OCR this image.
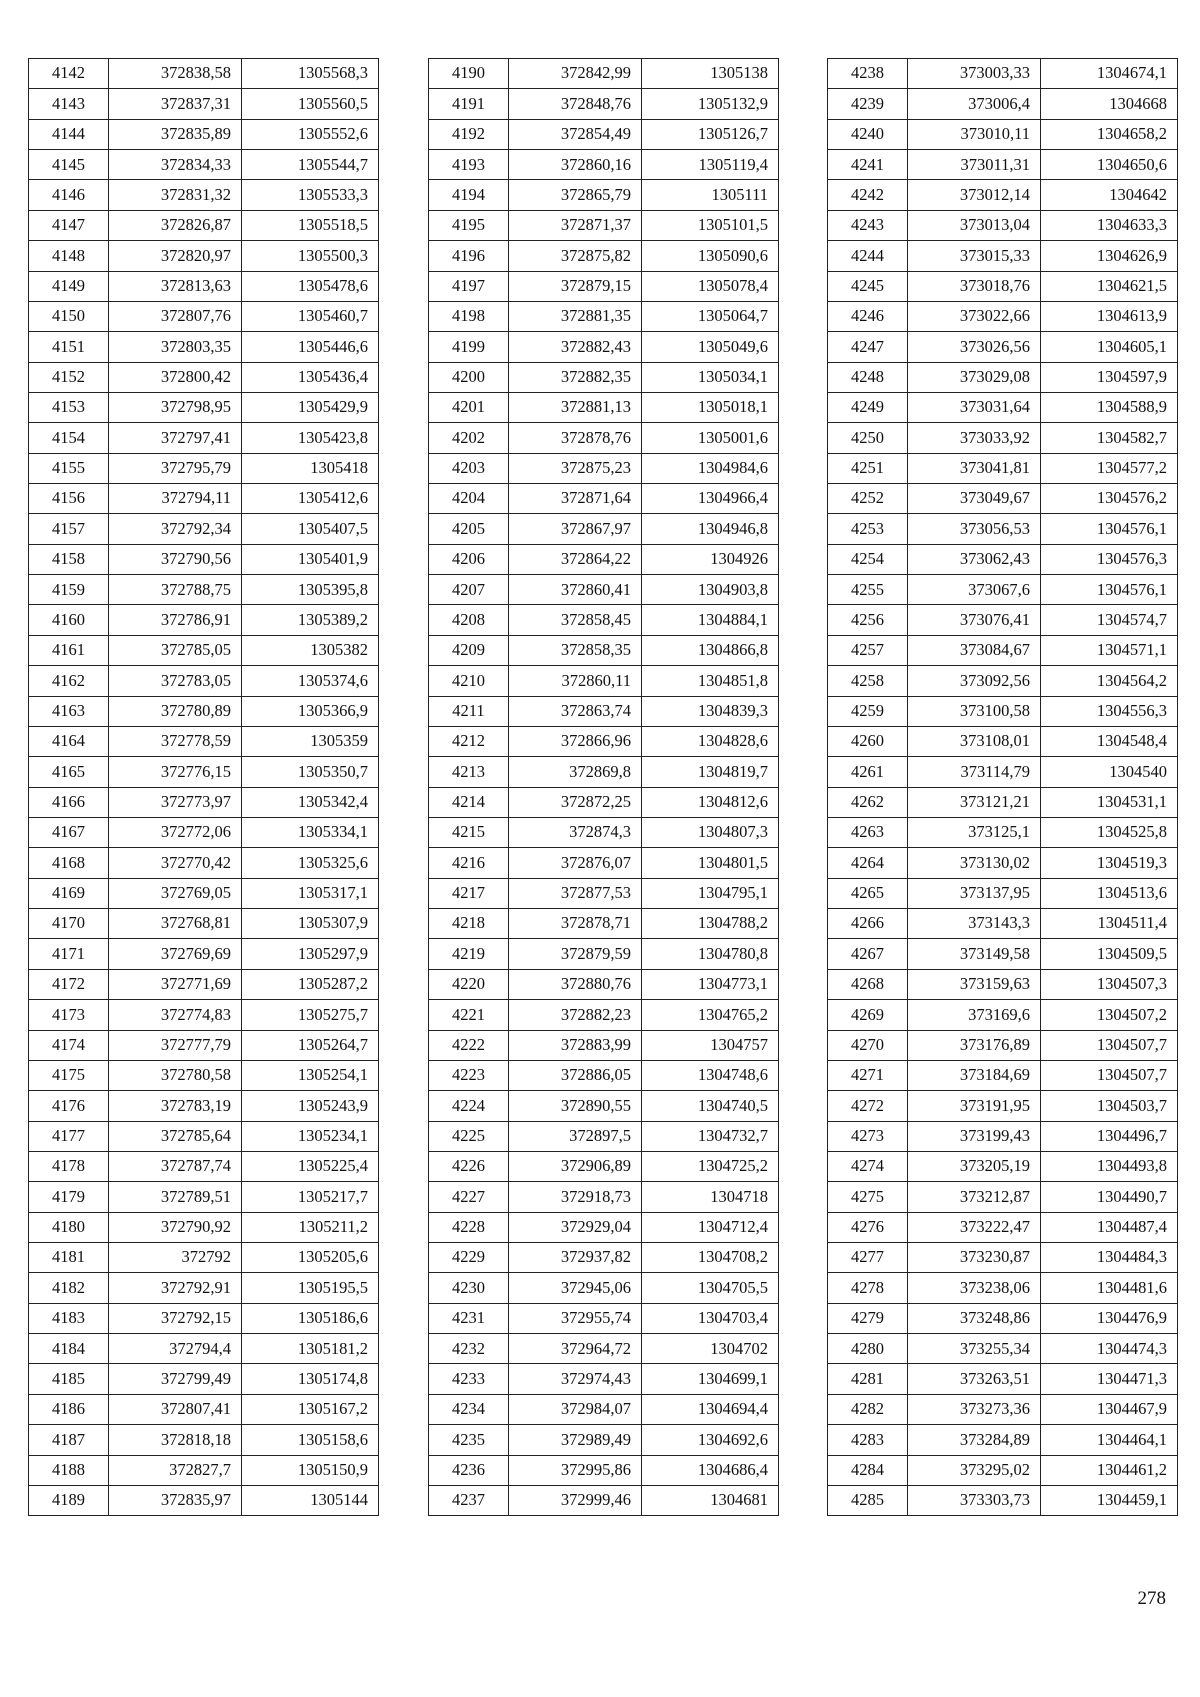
4142	372838,58	1305568,3
4143	372837,31	1305560,5
4144	372835,89	1305552,6
4145	372834,33	1305544,7
4146	372831,32	1305533,3
4147	372826,87	1305518,5
4148	372820,97	1305500,3
4149	372813,63	1305478,6
4150	372807,76	1305460,7
4151	372803,35	1305446,6
4152	372800,42	1305436,4
4153	372798,95	1305429,9
4154	372797,41	1305423,8
4155	372795,79	1305418
4156	372794,11	1305412,6
4157	372792,34	1305407,5
4158	372790,56	1305401,9
4159	372788,75	1305395,8
4160	372786,91	1305389,2
4161	372785,05	1305382
4162	372783,05	1305374,6
4163	372780,89	1305366,9
4164	372778,59	1305359
4165	372776,15	1305350,7
4166	372773,97	1305342,4
4167	372772,06	1305334,1
4168	372770,42	1305325,6
4169	372769,05	1305317,1
4170	372768,81	1305307,9
4171	372769,69	1305297,9
4172	372771,69	1305287,2
4173	372774,83	1305275,7
4174	372777,79	1305264,7
4175	372780,58	1305254,1
4176	372783,19	1305243,9
4177	372785,64	1305234,1
4178	372787,74	1305225,4
4179	372789,51	1305217,7
4180	372790,92	1305211,2
4181	372792	1305205,6
4182	372792,91	1305195,5
4183	372792,15	1305186,6
4184	372794,4	1305181,2
4185	372799,49	1305174,8
4186	372807,41	1305167,2
4187	372818,18	1305158,6
4188	372827,7	1305150,9
4189	372835,97	1305144
4190	372842,99	1305138
4191	372848,76	1305132,9
4192	372854,49	1305126,7
4193	372860,16	1305119,4
4194	372865,79	1305111
4195	372871,37	1305101,5
4196	372875,82	1305090,6
4197	372879,15	1305078,4
4198	372881,35	1305064,7
4199	372882,43	1305049,6
4200	372882,35	1305034,1
4201	372881,13	1305018,1
4202	372878,76	1305001,6
4203	372875,23	1304984,6
4204	372871,64	1304966,4
4205	372867,97	1304946,8
4206	372864,22	1304926
4207	372860,41	1304903,8
4208	372858,45	1304884,1
4209	372858,35	1304866,8
4210	372860,11	1304851,8
4211	372863,74	1304839,3
4212	372866,96	1304828,6
4213	372869,8	1304819,7
4214	372872,25	1304812,6
4215	372874,3	1304807,3
4216	372876,07	1304801,5
4217	372877,53	1304795,1
4218	372878,71	1304788,2
4219	372879,59	1304780,8
4220	372880,76	1304773,1
4221	372882,23	1304765,2
4222	372883,99	1304757
4223	372886,05	1304748,6
4224	372890,55	1304740,5
4225	372897,5	1304732,7
4226	372906,89	1304725,2
4227	372918,73	1304718
4228	372929,04	1304712,4
4229	372937,82	1304708,2
4230	372945,06	1304705,5
4231	372955,74	1304703,4
4232	372964,72	1304702
4233	372974,43	1304699,1
4234	372984,07	1304694,4
4235	372989,49	1304692,6
4236	372995,86	1304686,4
4237	372999,46	1304681
4238	373003,33	1304674,1
4239	373006,4	1304668
4240	373010,11	1304658,2
4241	373011,31	1304650,6
4242	373012,14	1304642
4243	373013,04	1304633,3
4244	373015,33	1304626,9
4245	373018,76	1304621,5
4246	373022,66	1304613,9
4247	373026,56	1304605,1
4248	373029,08	1304597,9
4249	373031,64	1304588,9
4250	373033,92	1304582,7
4251	373041,81	1304577,2
4252	373049,67	1304576,2
4253	373056,53	1304576,1
4254	373062,43	1304576,3
4255	373067,6	1304576,1
4256	373076,41	1304574,7
4257	373084,67	1304571,1
4258	373092,56	1304564,2
4259	373100,58	1304556,3
4260	373108,01	1304548,4
4261	373114,79	1304540
4262	373121,21	1304531,1
4263	373125,1	1304525,8
4264	373130,02	1304519,3
4265	373137,95	1304513,6
4266	373143,3	1304511,4
4267	373149,58	1304509,5
4268	373159,63	1304507,3
4269	373169,6	1304507,2
4270	373176,89	1304507,7
4271	373184,69	1304507,7
4272	373191,95	1304503,7
4273	373199,43	1304496,7
4274	373205,19	1304493,8
4275	373212,87	1304490,7
4276	373222,47	1304487,4
4277	373230,87	1304484,3
4278	373238,06	1304481,6
4279	373248,86	1304476,9
4280	373255,34	1304474,3
4281	373263,51	1304471,3
4282	373273,36	1304467,9
4283	373284,89	1304464,1
4284	373295,02	1304461,2
4285	373303,73	1304459,1
278
